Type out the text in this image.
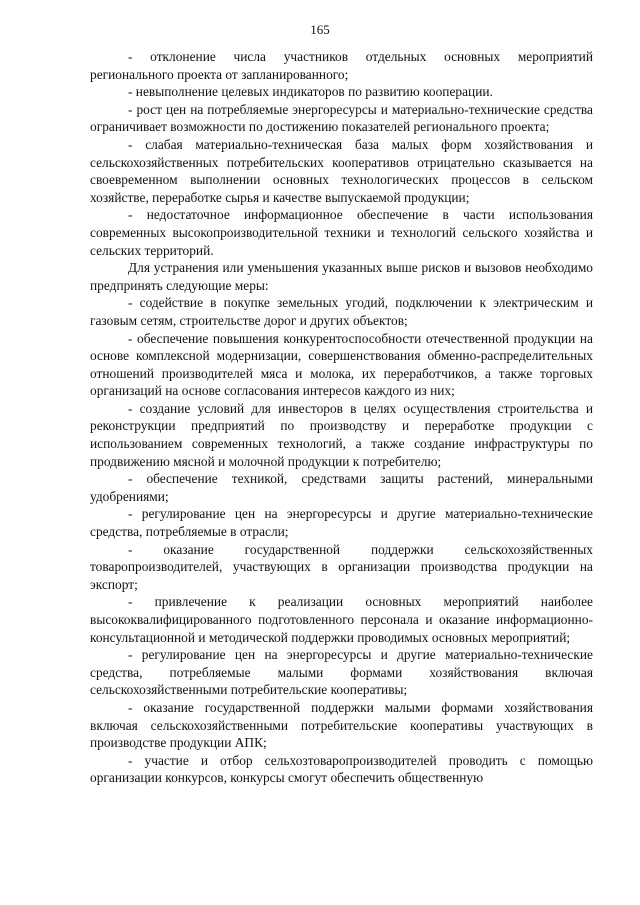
165

- отклонение числа участников отдельных основных мероприятий регионального проекта от запланированного;

- невыполнение целевых индикаторов по развитию кооперации.

- рост цен на потребляемые энергоресурсы и материально-технические средства ограничивает возможности по достижению показателей регионального проекта;

- слабая материально-техническая база малых форм хозяйствования и сельскохозяйственных потребительских кооперативов отрицательно сказывается на своевременном выполнении основных технологических процессов в сельском хозяйстве, переработке сырья и качестве выпускаемой продукции;

- недостаточное информационное обеспечение в части использования современных высокопроизводительной техники и технологий сельского хозяйства и сельских территорий.

Для устранения или уменьшения указанных выше рисков и вызовов необходимо предпринять следующие меры:

- содействие в покупке земельных угодий, подключении к электрическим и газовым сетям, строительстве дорог и других объектов;

- обеспечение повышения конкурентоспособности отечественной продукции на основе комплексной модернизации, совершенствования обменно-распределительных отношений производителей мяса и молока, их переработчиков, а также торговых организаций на основе согласования интересов каждого из них;

- создание условий для инвесторов в целях осуществления строительства и реконструкции предприятий по производству и переработке продукции с использованием современных технологий, а также создание инфраструктуры по продвижению мясной и молочной продукции к потребителю;

- обеспечение техникой, средствами защиты растений, минеральными удобрениями;

- регулирование цен на энергоресурсы и другие материально-технические средства, потребляемые в отрасли;

- оказание государственной поддержки сельскохозяйственных товаропроизводителей, участвующих в организации производства продукции на экспорт;

- привлечение к реализации основных мероприятий наиболее высококвалифицированного подготовленного персонала и оказание информационно-консультационной и методической поддержки проводимых основных мероприятий;

- регулирование цен на энергоресурсы и другие материально-технические средства, потребляемые малыми формами хозяйствования включая сельскохозяйственными потребительские кооперативы;

- оказание государственной поддержки малыми формами хозяйствования включая сельскохозяйственными потребительские кооперативы участвующих в производстве продукции АПК;

- участие и отбор сельхозтоваропроизводителей проводить с помощью организации конкурсов, конкурсы смогут обеспечить общественную
